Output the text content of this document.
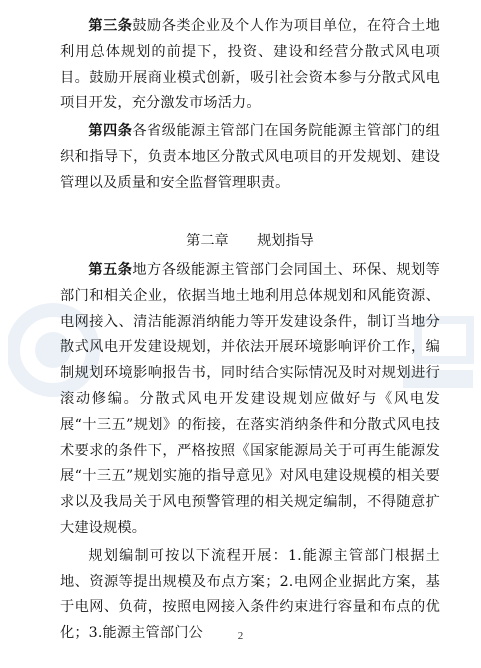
第三条鼓励各类企业及个人作为项目单位，在符合土地利用总体规划的前提下，投资、建设和经营分散式风电项目。鼓励开展商业模式创新，吸引社会资本参与分散式风电项目开发，充分激发市场活力。

第四条各省级能源主管部门在国务院能源主管部门的组织和指导下，负责本地区分散式风电项目的开发规划、建设管理以及质量和安全监督管理职责。

第二章　　规划指导

第五条地方各级能源主管部门会同国土、环保、规划等部门和相关企业，依据当地土地利用总体规划和风能资源、电网接入、清洁能源消纳能力等开发建设条件，制订当地分散式风电开发建设规划，并依法开展环境影响评价工作，编制规划环境影响报告书，同时结合实际情况及时对规划进行滚动修编。分散式风电开发建设规划应做好与《风电发展“十三五”规划》的衔接，在落实消纳条件和分散式风电技术要求的条件下，严格按照《国家能源局关于可再生能源发展“十三五”规划实施的指导意见》对风电建设规模的相关要求以及我局关于风电预警管理的相关规定编制，不得随意扩大建设规模。

规划编制可按以下流程开展：1.能源主管部门根据土地、资源等提出规模及布点方案；2.电网企业据此方案，基于电网、负荷，按照电网接入条件约束进行容量和布点的优化；3.能源主管部门公	2
